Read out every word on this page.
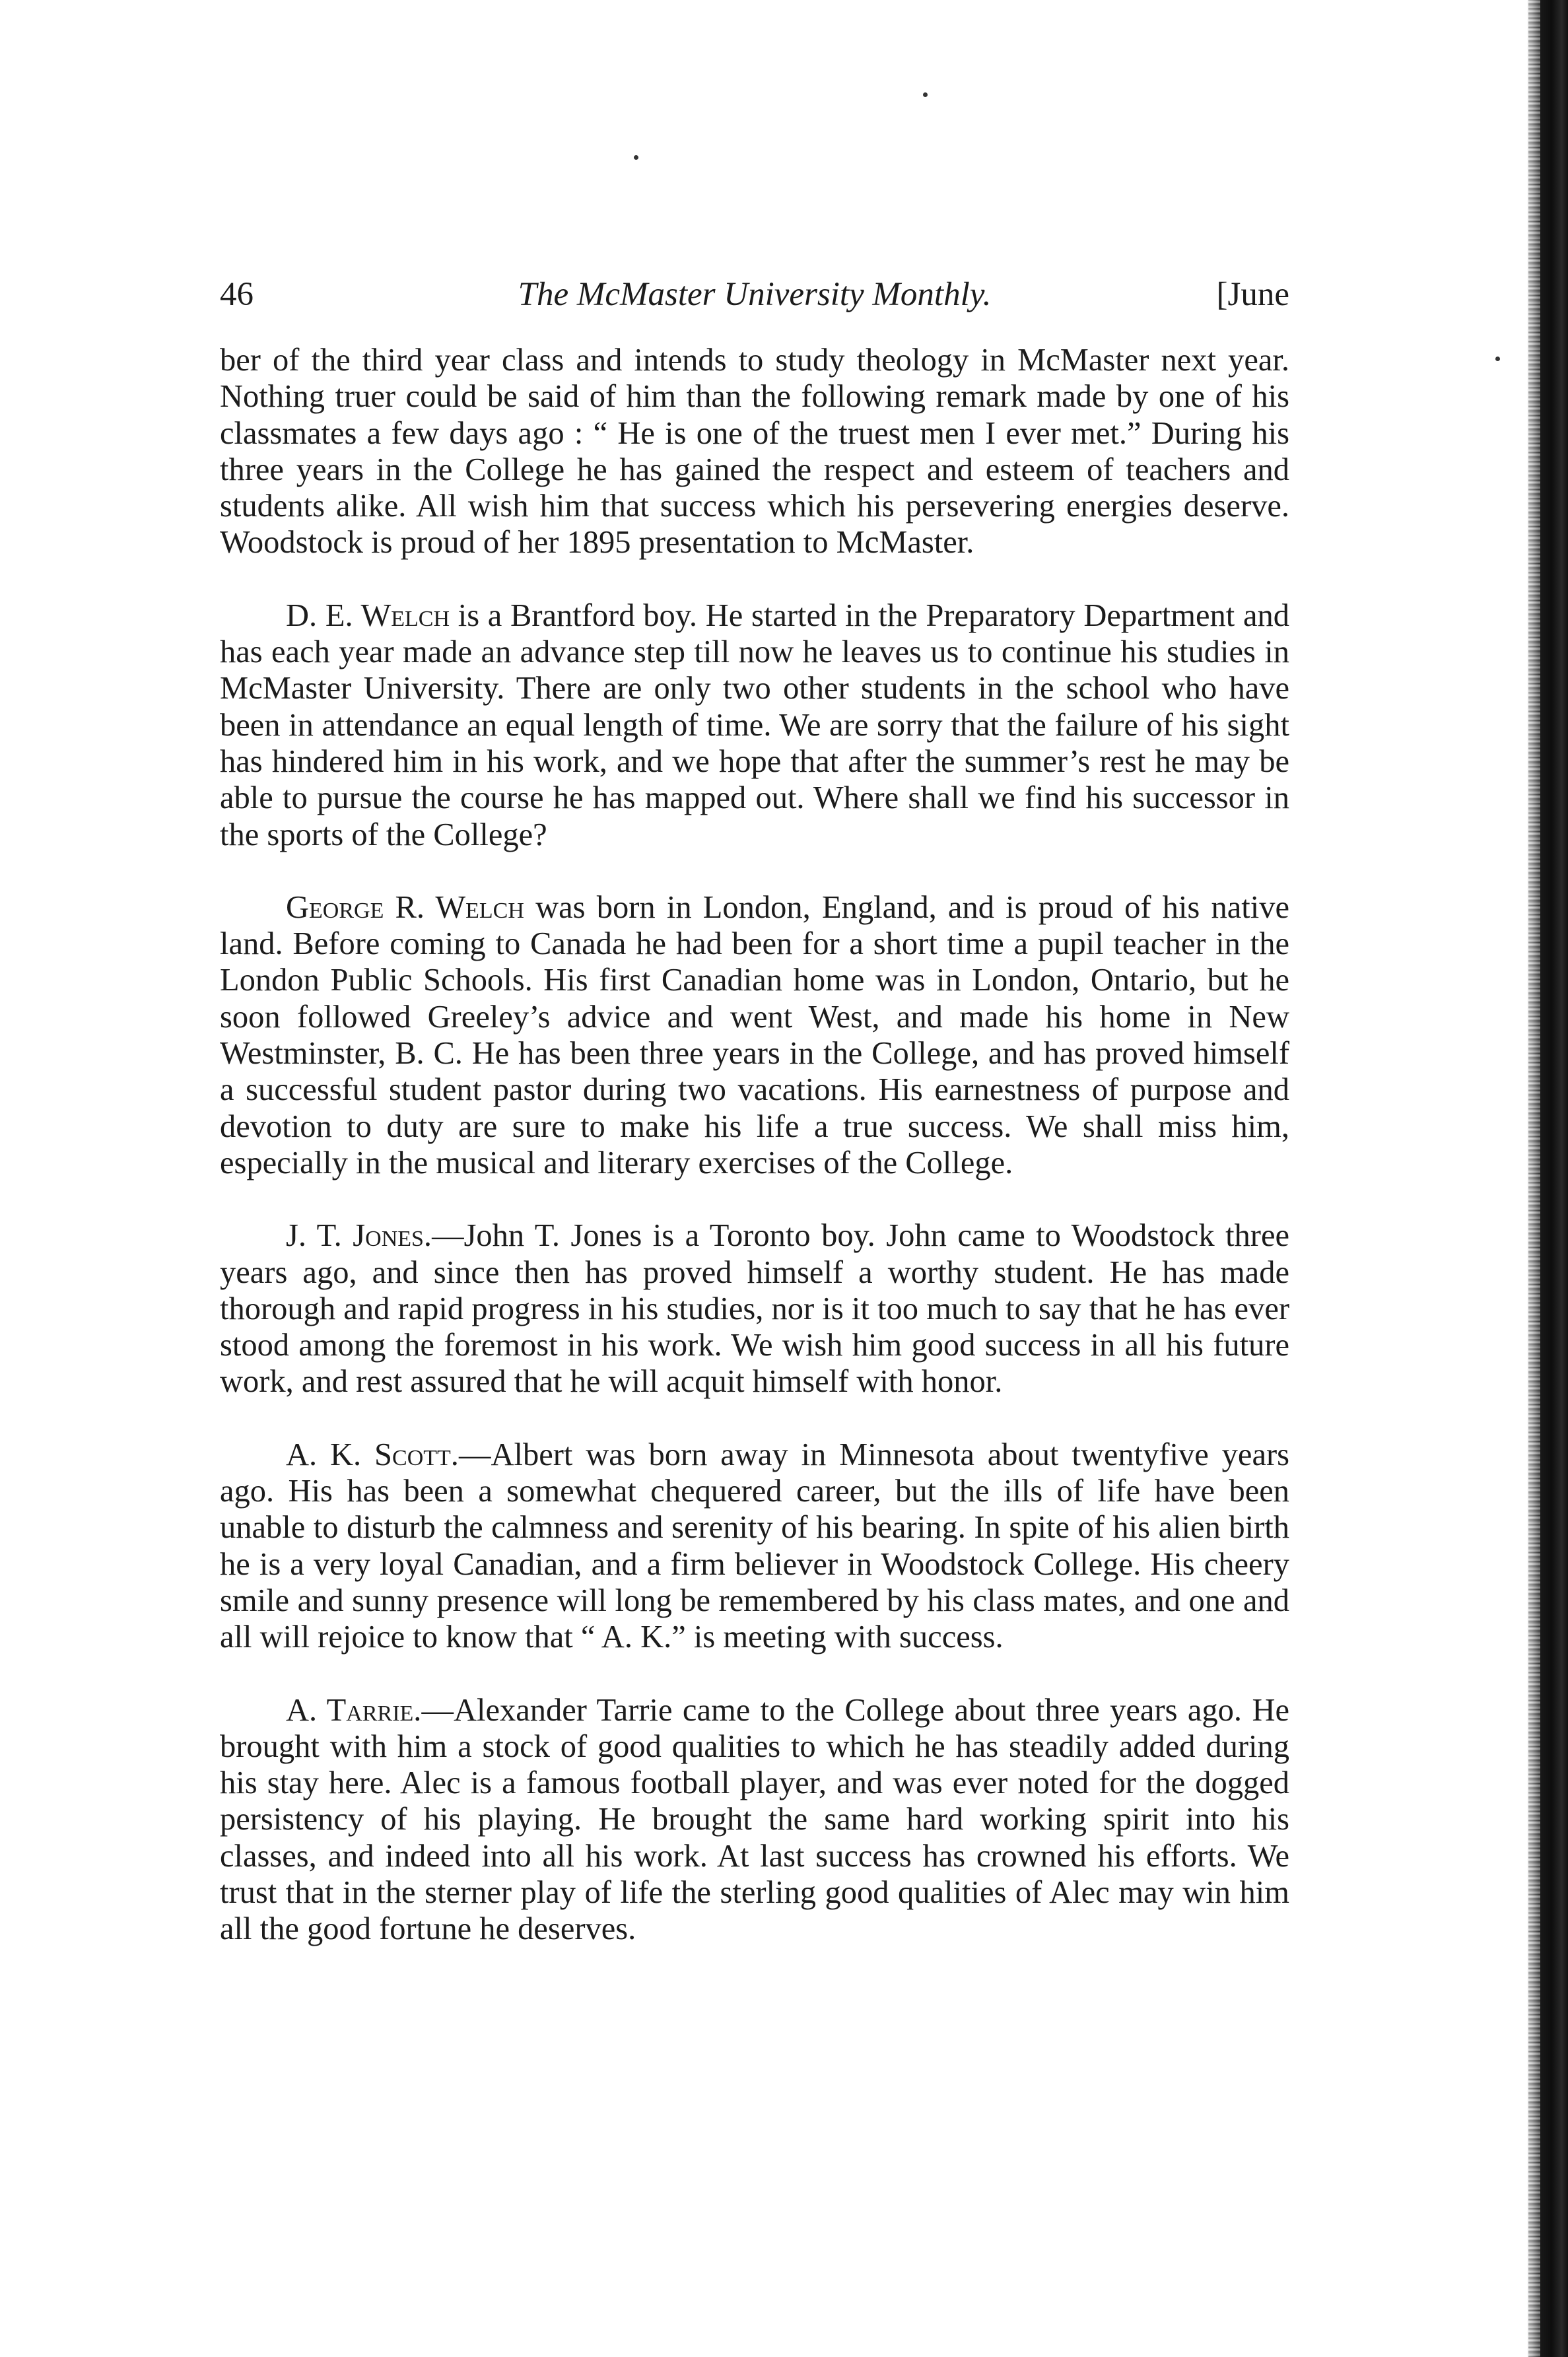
46	The McMaster University Monthly.	[June

ber of the third year class and intends to study theology in McMaster next year. Nothing truer could be said of him than the following remark made by one of his classmates a few days ago : “ He is one of the truest men I ever met.” During his three years in the College he has gained the respect and esteem of teachers and students alike. All wish him that success which his persevering energies deserve. Woodstock is proud of her 1895 presentation to McMaster.

D. E. Welch is a Brantford boy. He started in the Preparatory Department and has each year made an advance step till now he leaves us to continue his studies in McMaster University. There are only two other students in the school who have been in attendance an equal length of time. We are sorry that the failure of his sight has hindered him in his work, and we hope that after the summer’s rest he may be able to pursue the course he has mapped out. Where shall we find his successor in the sports of the College?

George R. Welch was born in London, England, and is proud of his native land. Before coming to Canada he had been for a short time a pupil teacher in the London Public Schools. His first Canadian home was in London, Ontario, but he soon followed Greeley’s advice and went West, and made his home in New Westminster, B. C. He has been three years in the College, and has proved himself a successful student pastor during two vacations. His earnestness of purpose and devotion to duty are sure to make his life a true success. We shall miss him, especially in the musical and literary exercises of the College.

J. T. Jones.—John T. Jones is a Toronto boy. John came to Woodstock three years ago, and since then has proved himself a worthy student. He has made thorough and rapid progress in his studies, nor is it too much to say that he has ever stood among the foremost in his work. We wish him good success in all his future work, and rest assured that he will acquit himself with honor.

A. K. Scott.—Albert was born away in Minnesota about twentyfive years ago. His has been a somewhat chequered career, but the ills of life have been unable to disturb the calmness and serenity of his bearing. In spite of his alien birth he is a very loyal Canadian, and a firm believer in Woodstock College. His cheery smile and sunny presence will long be remembered by his class mates, and one and all will rejoice to know that “ A. K.” is meeting with success.

A. Tarrie.—Alexander Tarrie came to the College about three years ago. He brought with him a stock of good qualities to which he has steadily added during his stay here. Alec is a famous football player, and was ever noted for the dogged persistency of his playing. He brought the same hard working spirit into his classes, and indeed into all his work. At last success has crowned his efforts. We trust that in the sterner play of life the sterling good qualities of Alec may win him all the good fortune he deserves.
